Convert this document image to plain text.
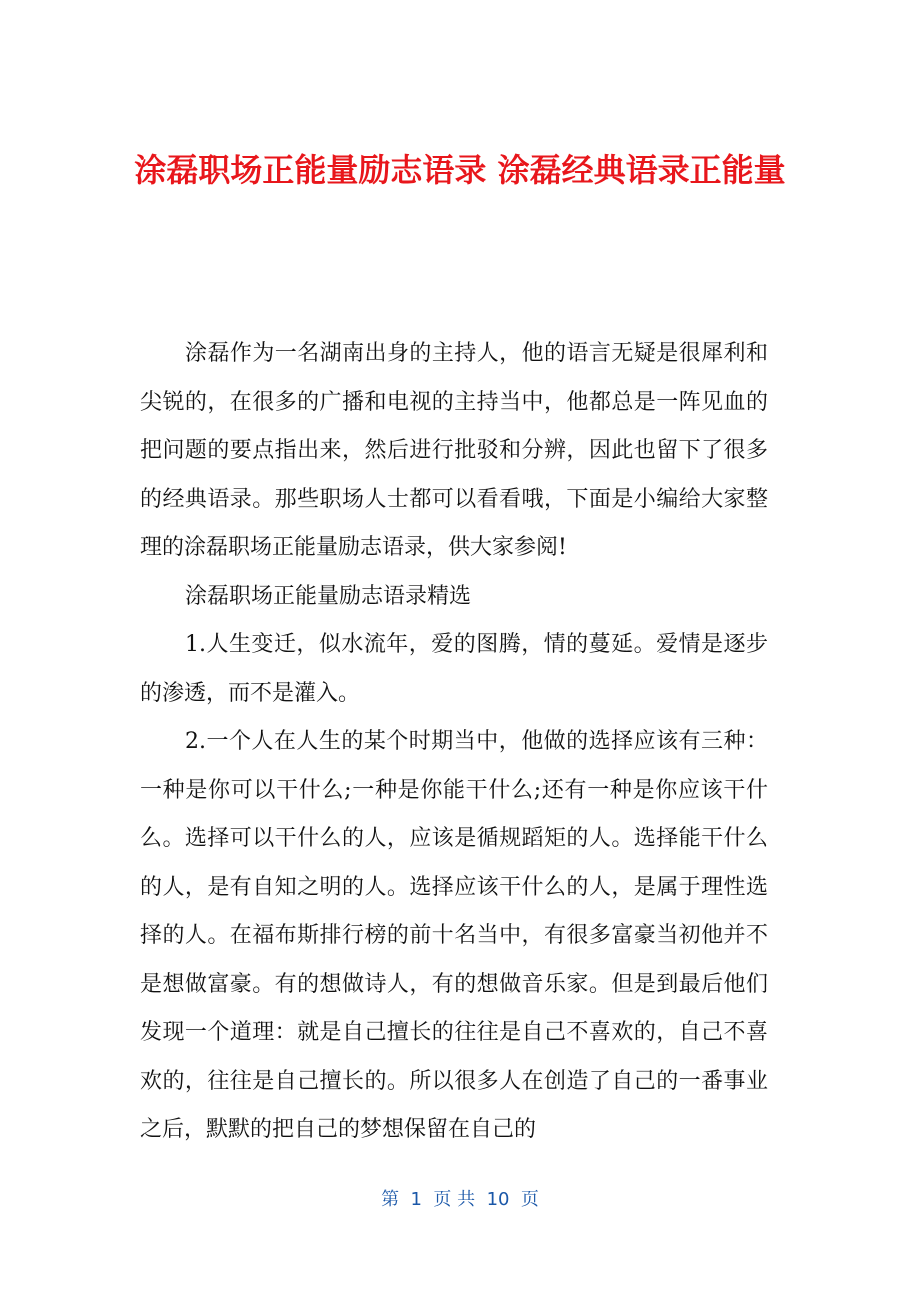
涂磊职场正能量励志语录 涂磊经典语录正能量

涂磊作为一名湖南出身的主持人，他的语言无疑是很犀利和尖锐的，在很多的广播和电视的主持当中，他都总是一阵见血的把问题的要点指出来，然后进行批驳和分辨，因此也留下了很多的经典语录。那些职场人士都可以看看哦，下面是小编给大家整理的涂磊职场正能量励志语录，供大家参阅!

涂磊职场正能量励志语录精选

1.人生变迁，似水流年，爱的图腾，情的蔓延。爱情是逐步的渗透，而不是灌入。

2.一个人在人生的某个时期当中，他做的选择应该有三种：一种是你可以干什么;一种是你能干什么;还有一种是你应该干什么。选择可以干什么的人，应该是循规蹈矩的人。选择能干什么的人，是有自知之明的人。选择应该干什么的人，是属于理性选择的人。在福布斯排行榜的前十名当中，有很多富豪当初他并不是想做富豪。有的想做诗人，有的想做音乐家。但是到最后他们发现一个道理：就是自己擅长的往往是自己不喜欢的，自己不喜欢的，往往是自己擅长的。所以很多人在创造了自己的一番事业之后，默默的把自己的梦想保留在自己的

第  1  页 共  10  页
